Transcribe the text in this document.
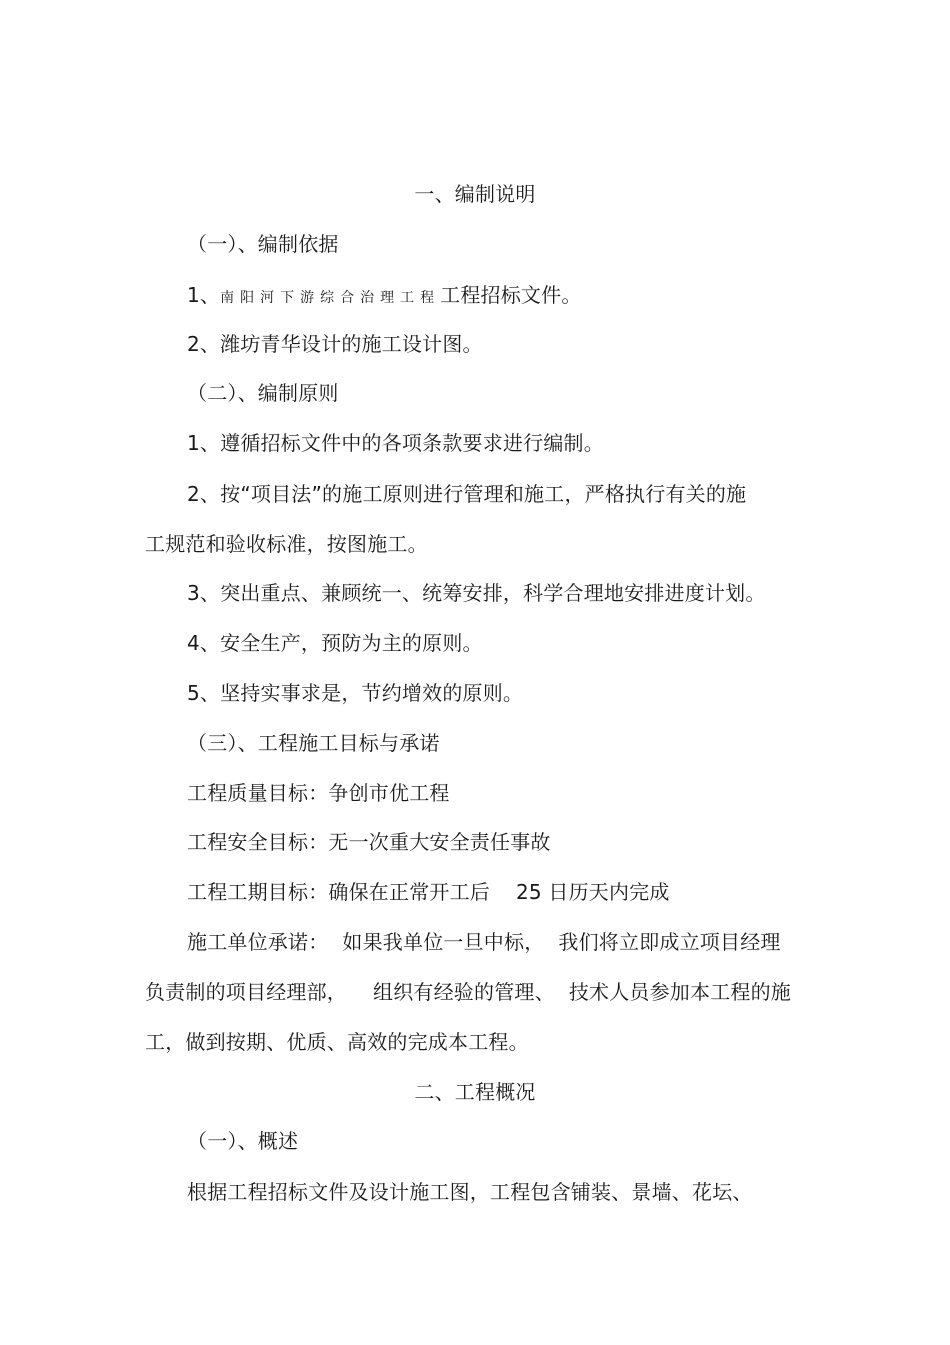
一、编制说明
（一）、编制依据
1、南阳河下游综合治理工程工程招标文件。
2、潍坊青华设计的施工设计图。
（二）、编制原则
1、遵循招标文件中的各项条款要求进行编制。
2、按“项目法”的施工原则进行管理和施工，严格执行有关的施
工规范和验收标准，按图施工。
3、突出重点、兼顾统一、统筹安排，科学合理地安排进度计划。
4、安全生产，预防为主的原则。
5、坚持实事求是，节约增效的原则。
（三）、工程施工目标与承诺
工程质量目标：争创市优工程
工程安全目标：无一次重大安全责任事故
工程工期目标：确保在正常开工后 25 日历天内完成
施工单位承诺： 如果我单位一旦中标， 我们将立即成立项目经理
负责制的项目经理部， 组织有经验的管理、 技术人员参加本工程的施
工，做到按期、优质、高效的完成本工程。
二、工程概况
（一）、概述
根据工程招标文件及设计施工图，工程包含铺装、景墙、花坛、
